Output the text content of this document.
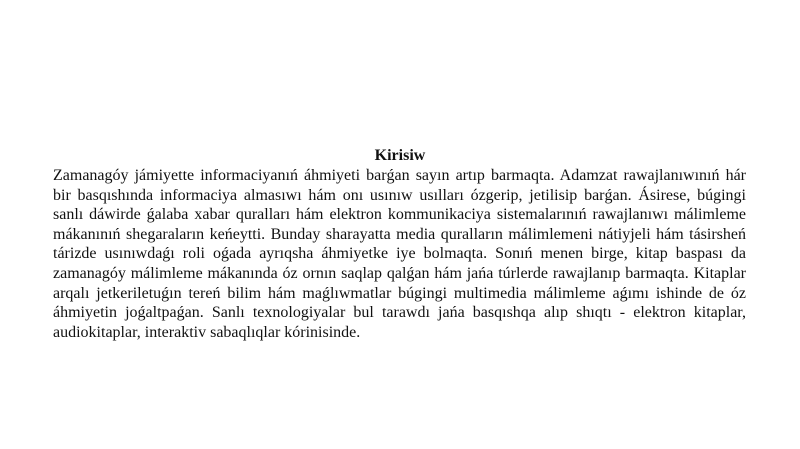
Kirisiw

Zamanagóy jámiyette informaciyanıń áhmiyeti barǵan sayın artıp barmaqta. Adamzat rawajlanıwınıń hár bir basqıshında informaciya almasıwı hám onı usınıw usılları ózgerip, jetilisip barǵan. Ásirese, búgingi sanlı dáwirde ǵalaba xabar quralları hám elektron kommunikaciya sistemalarınıń rawajlanıwı málimleme mákanınıń shegaraların keńeytti. Bunday sharayatta media quralların málimlemeni nátiyjeli hám tásirsheń tárizde usınıwdaǵı roli oǵada ayrıqsha áhmiyetke iye bolmaqta. Sonıń menen birge, kitap baspası da zamanagóy málimleme mákanında óz ornın saqlap qalǵan hám jańa túrlerde rawajlanıp barmaqta. Kitaplar arqalı jetkeriletuǵın tereń bilim hám maǵlıwmatlar búgingi multimedia málimleme aǵımı ishinde de óz áhmiyetin joǵaltpaǵan. Sanlı texnologiyalar bul tarawdı jańa basqıshqa alıp shıqtı - elektron kitaplar, audiokitaplar, interaktiv sabaqlıqlar kórinisinde.
